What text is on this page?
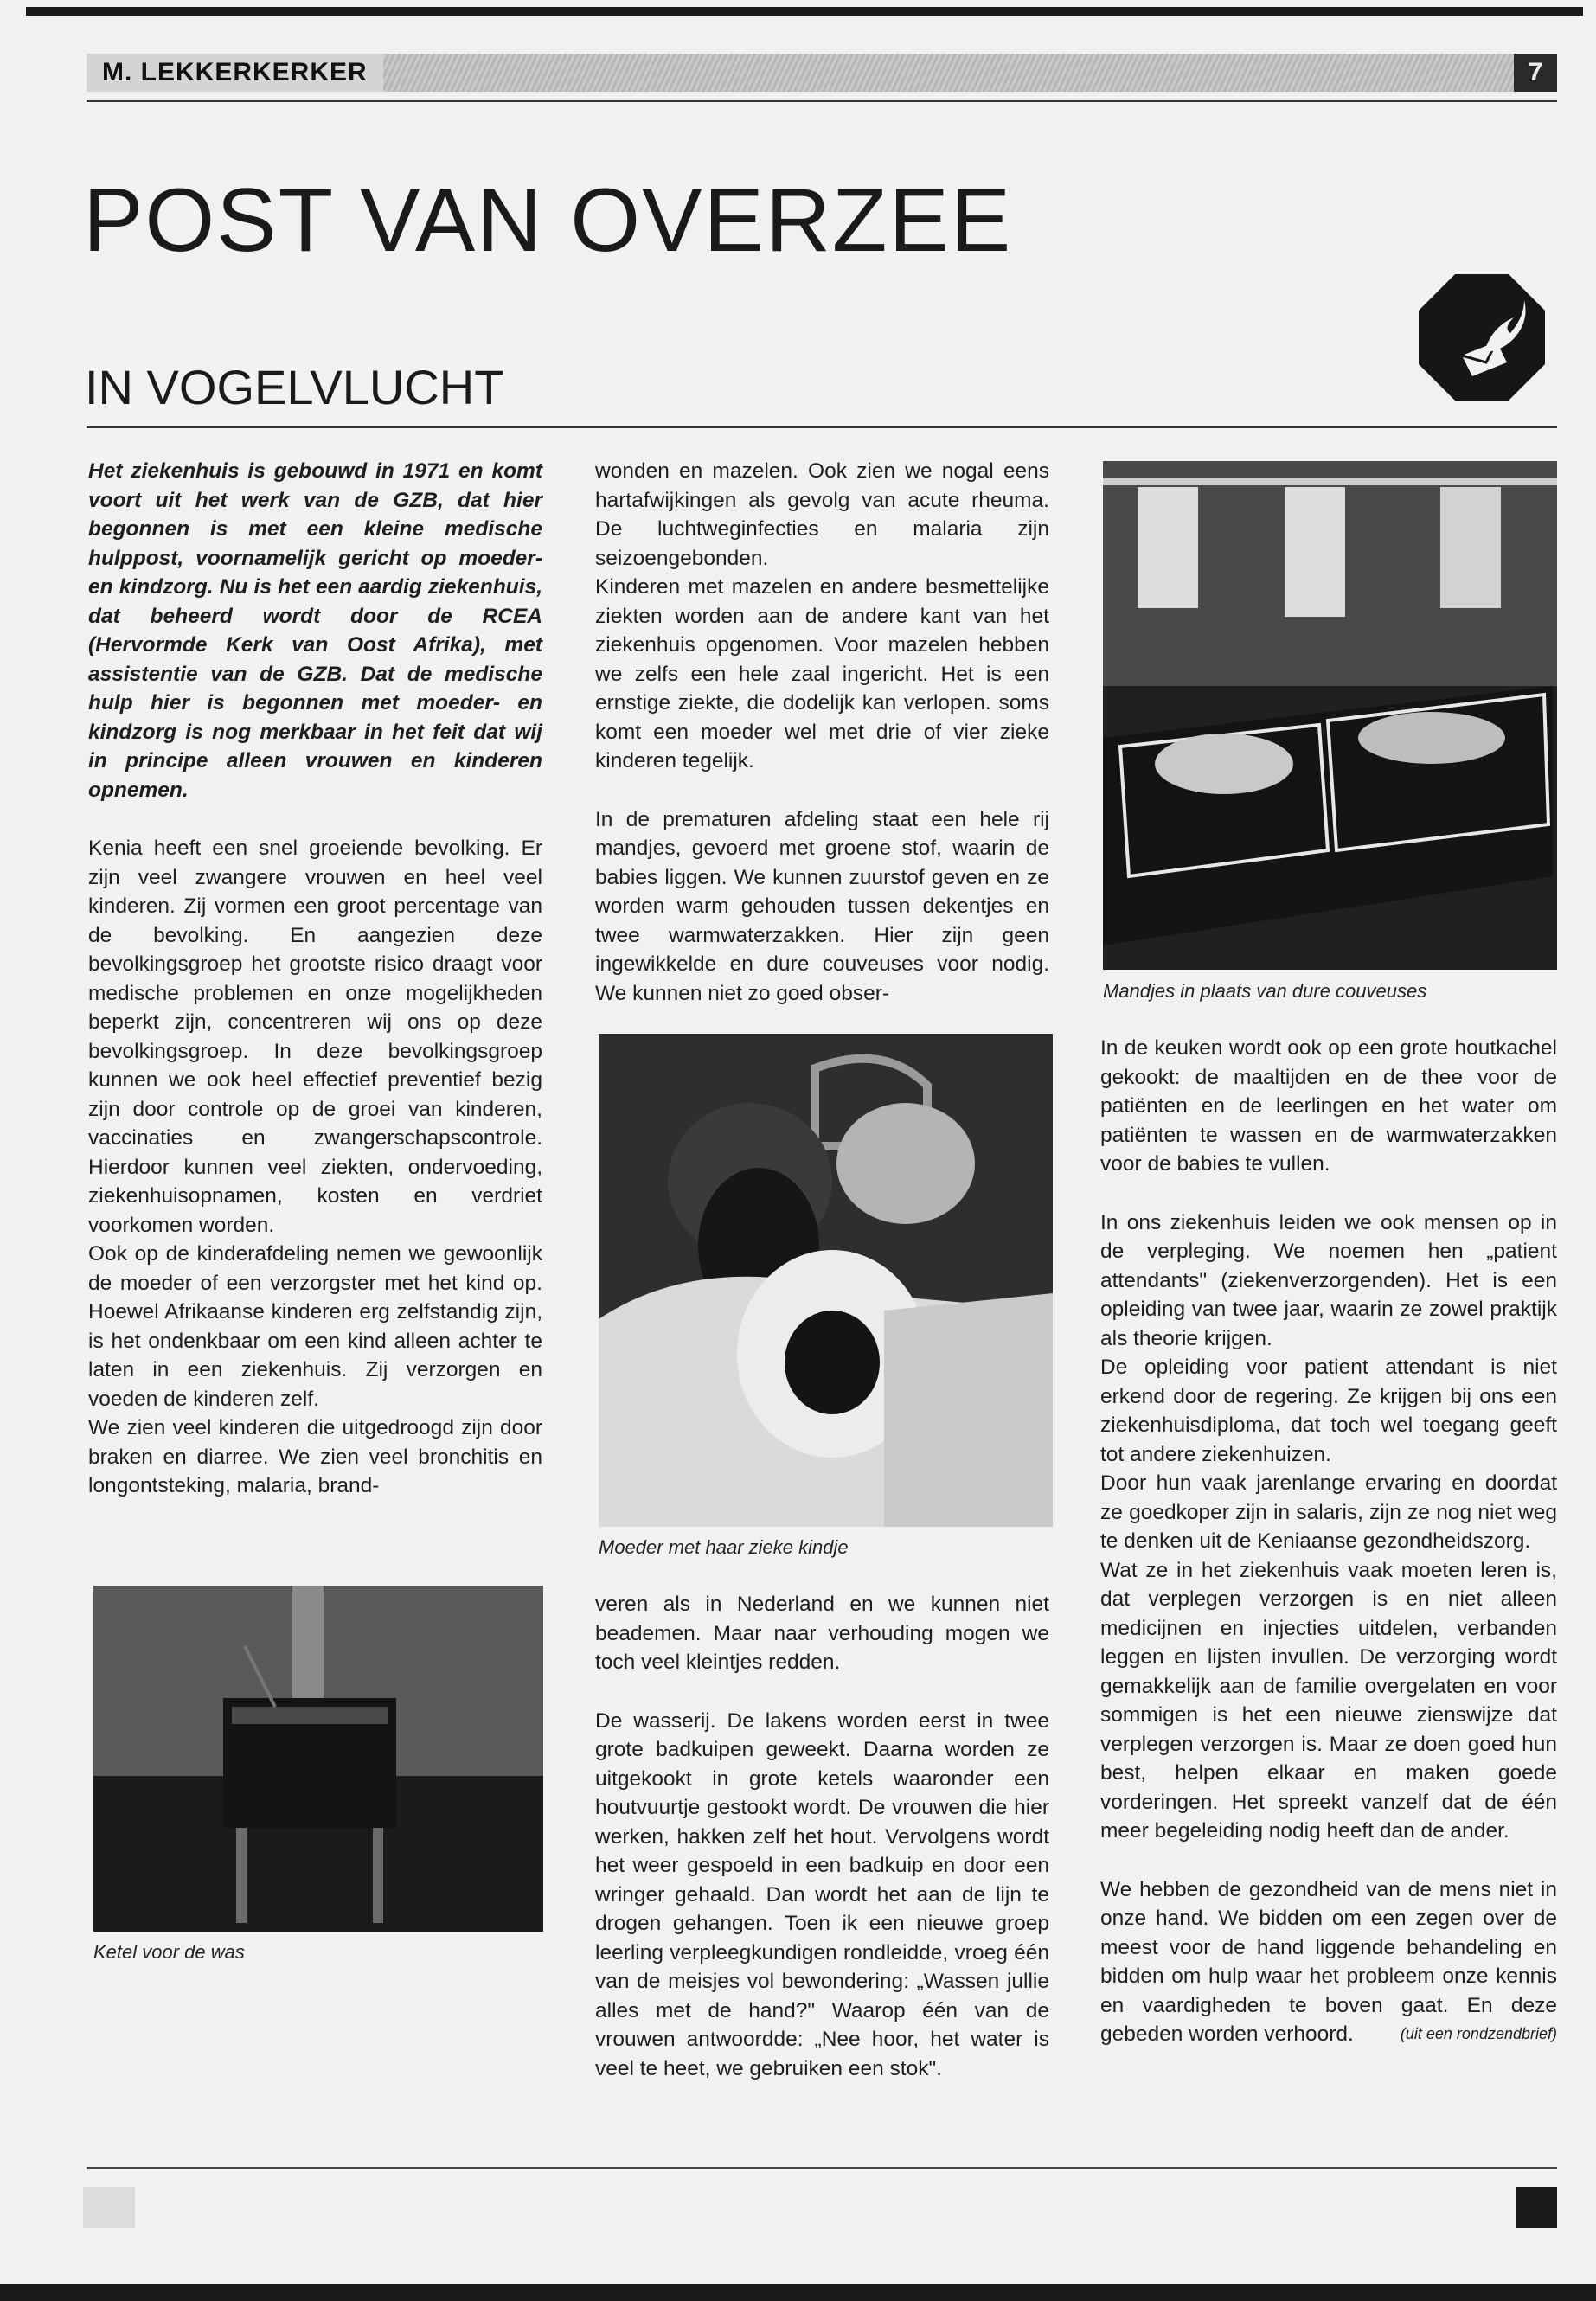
M. LEKKERKERKER	7
POST VAN OVERZEE
IN VOGELVLUCHT

Het ziekenhuis is gebouwd in 1971 en komt voort uit het werk van de GZB, dat hier begonnen is met een kleine medische hulppost, voornamelijk gericht op moeder- en kindzorg. Nu is het een aardig ziekenhuis, dat beheerd wordt door de RCEA (Hervormde Kerk van Oost Afrika), met assistentie van de GZB. Dat de medische hulp hier is begonnen met moeder- en kindzorg is nog merkbaar in het feit dat wij in principe alleen vrouwen en kinderen opnemen.

Kenia heeft een snel groeiende bevolking. Er zijn veel zwangere vrouwen en heel veel kinderen. Zij vormen een groot percentage van de bevolking. En aangezien deze bevolkingsgroep het grootste risico draagt voor medische problemen en onze mogelijkheden beperkt zijn, concentreren wij ons op deze bevolkingsgroep. In deze bevolkingsgroep kunnen we ook heel effectief preventief bezig zijn door controle op de groei van kinderen, vaccinaties en zwangerschapscontrole. Hierdoor kunnen veel ziekten, ondervoeding, ziekenhuisopnamen, kosten en verdriet voorkomen worden.

Ook op de kinderafdeling nemen we gewoonlijk de moeder of een verzorgster met het kind op. Hoewel Afrikaanse kinderen erg zelfstandig zijn, is het ondenkbaar om een kind alleen achter te laten in een ziekenhuis. Zij verzorgen en voeden de kinderen zelf.

We zien veel kinderen die uitgedroogd zijn door braken en diarree. We zien veel bronchitis en longontsteking, malaria, brand-

Ketel voor de was

wonden en mazelen. Ook zien we nogal eens hartafwijkingen als gevolg van acute rheuma. De luchtweginfecties en malaria zijn seizoengebonden.

Kinderen met mazelen en andere besmettelijke ziekten worden aan de andere kant van het ziekenhuis opgenomen. Voor mazelen hebben we zelfs een hele zaal ingericht. Het is een ernstige ziekte, die dodelijk kan verlopen. soms komt een moeder wel met drie of vier zieke kinderen tegelijk.

In de prematuren afdeling staat een hele rij mandjes, gevoerd met groene stof, waarin de babies liggen. We kunnen zuurstof geven en ze worden warm gehouden tussen dekentjes en twee warmwaterzakken. Hier zijn geen ingewikkelde en dure couveuses voor nodig. We kunnen niet zo goed obser-

Moeder met haar zieke kindje

veren als in Nederland en we kunnen niet beademen. Maar naar verhouding mogen we toch veel kleintjes redden.

De wasserij. De lakens worden eerst in twee grote badkuipen geweekt. Daarna worden ze uitgekookt in grote ketels waaronder een houtvuurtje gestookt wordt. De vrouwen die hier werken, hakken zelf het hout. Vervolgens wordt het weer gespoeld in een badkuip en door een wringer gehaald. Dan wordt het aan de lijn te drogen gehangen. Toen ik een nieuwe groep leerling verpleegkundigen rondleidde, vroeg één van de meisjes vol bewondering: „Wassen jullie alles met de hand?" Waarop één van de vrouwen antwoordde: „Nee hoor, het water is veel te heet, we gebruiken een stok".

Mandjes in plaats van dure couveuses

In de keuken wordt ook op een grote houtkachel gekookt: de maaltijden en de thee voor de patiënten en de leerlingen en het water om patiënten te wassen en de warmwaterzakken voor de babies te vullen.

In ons ziekenhuis leiden we ook mensen op in de verpleging. We noemen hen „patient attendants" (ziekenverzorgenden). Het is een opleiding van twee jaar, waarin ze zowel praktijk als theorie krijgen.

De opleiding voor patient attendant is niet erkend door de regering. Ze krijgen bij ons een ziekenhuisdiploma, dat toch wel toegang geeft tot andere ziekenhuizen.

Door hun vaak jarenlange ervaring en doordat ze goedkoper zijn in salaris, zijn ze nog niet weg te denken uit de Keniaanse gezondheidszorg.

Wat ze in het ziekenhuis vaak moeten leren is, dat verplegen verzorgen is en niet alleen medicijnen en injecties uitdelen, verbanden leggen en lijsten invullen. De verzorging wordt gemakkelijk aan de familie overgelaten en voor sommigen is het een nieuwe zienswijze dat verplegen verzorgen is. Maar ze doen goed hun best, helpen elkaar en maken goede vorderingen. Het spreekt vanzelf dat de één meer begeleiding nodig heeft dan de ander.

We hebben de gezondheid van de mens niet in onze hand. We bidden om een zegen over de meest voor de hand liggende behandeling en bidden om hulp waar het probleem onze kennis en vaardigheden te boven gaat. En deze gebeden worden verhoord.	(uit een rondzendbrief)
